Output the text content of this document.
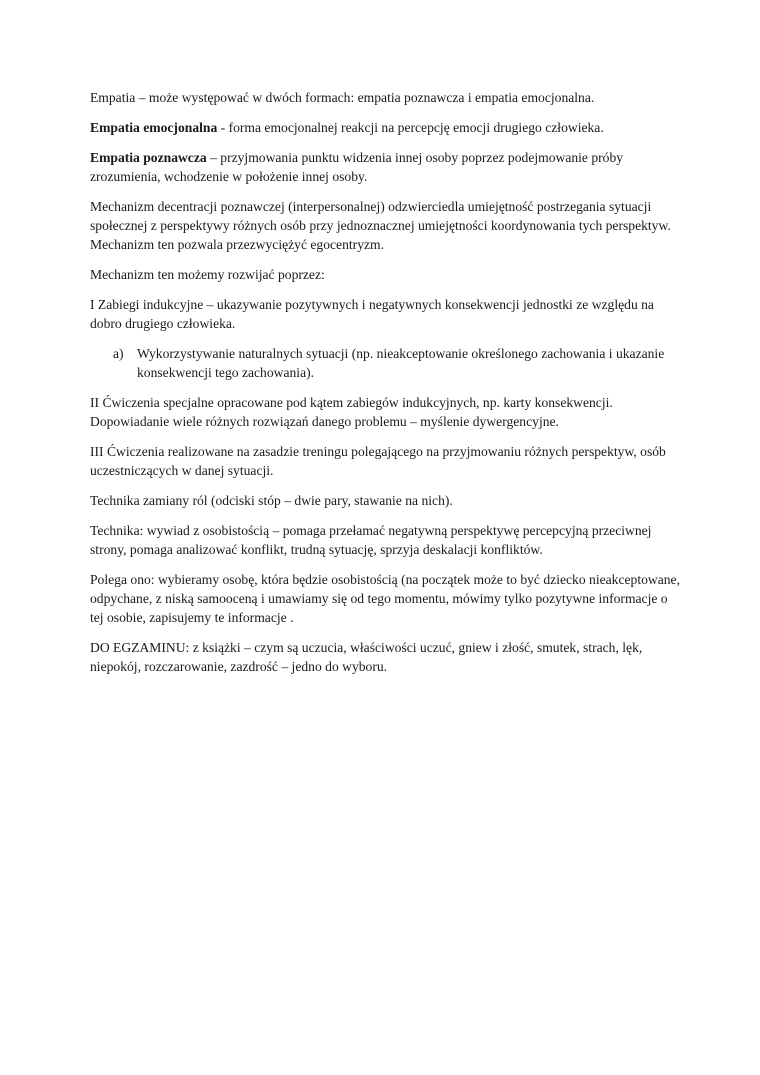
Empatia – może występować w dwóch formach: empatia poznawcza i empatia emocjonalna.

Empatia emocjonalna - forma emocjonalnej reakcji na percepcję emocji drugiego człowieka.

Empatia poznawcza – przyjmowania punktu widzenia innej osoby poprzez podejmowanie próby zrozumienia, wchodzenie w położenie innej osoby.

Mechanizm decentracji poznawczej (interpersonalnej) odzwierciedla umiejętność postrzegania sytuacji społecznej z perspektywy różnych osób przy jednoznacznej umiejętności koordynowania tych perspektyw. Mechanizm ten pozwala przezwyciężyć egocentryzm.

Mechanizm ten możemy rozwijać poprzez:

I Zabiegi indukcyjne – ukazywanie pozytywnych i negatywnych konsekwencji jednostki ze względu na dobro drugiego człowieka.

a) Wykorzystywanie naturalnych sytuacji (np. nieakceptowanie określonego zachowania i ukazanie konsekwencji tego zachowania).

II Ćwiczenia specjalne opracowane pod kątem zabiegów indukcyjnych, np. karty konsekwencji. Dopowiadanie wiele różnych rozwiązań danego problemu – myślenie dywergencyjne.

III Ćwiczenia realizowane na zasadzie treningu polegającego na przyjmowaniu różnych perspektyw, osób uczestniczących w danej sytuacji.

Technika zamiany ról (odciski stóp – dwie pary, stawanie na nich).

Technika: wywiad z osobistością – pomaga przełamać negatywną perspektywę percepcyjną przeciwnej strony, pomaga analizować konflikt, trudną sytuację, sprzyja deskalacji konfliktów.

Polega ono: wybieramy osobę, która będzie osobistością (na początek może to być dziecko nieakceptowane, odpychane, z niską samooceną i umawiamy się od tego momentu, mówimy tylko pozytywne informacje o tej osobie, zapisujemy te informacje .

DO EGZAMINU: z książki – czym są uczucia, właściwości uczuć, gniew i złość, smutek, strach, lęk, niepokój, rozczarowanie, zazdrość – jedno do wyboru.
